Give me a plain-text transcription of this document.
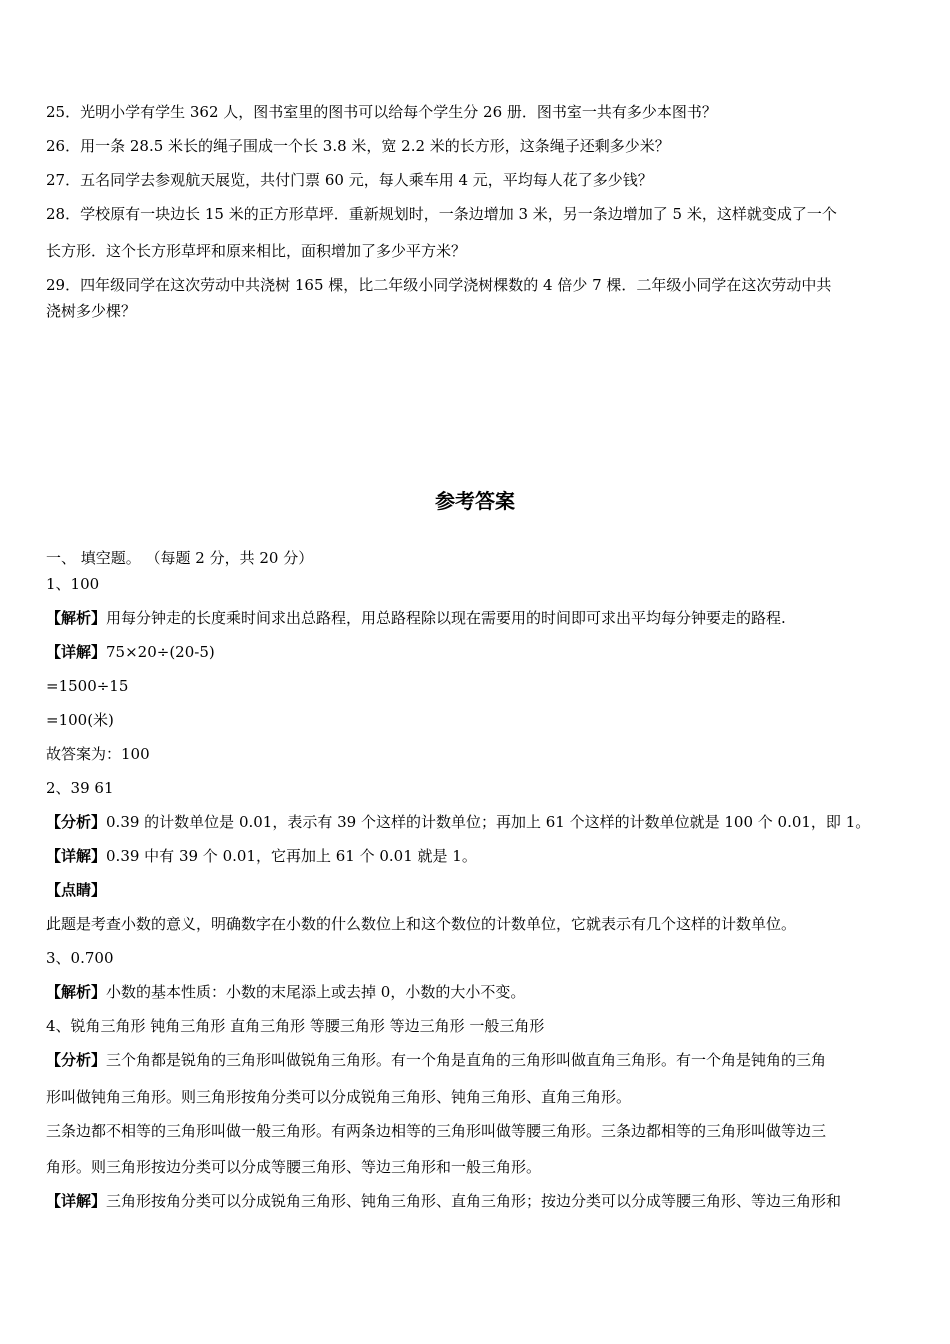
25．光明小学有学生 362 人，图书室里的图书可以给每个学生分 26 册．图书室一共有多少本图书？
26．用一条 28.5 米长的绳子围成一个长 3.8 米，宽 2.2 米的长方形，这条绳子还剩多少米？
27．五名同学去参观航天展览，共付门票 60 元，每人乘车用 4 元，平均每人花了多少钱？
28．学校原有一块边长 15 米的正方形草坪．重新规划时，一条边增加 3 米，另一条边增加了 5 米，这样就变成了一个
长方形．这个长方形草坪和原来相比，面积增加了多少平方米？
29．四年级同学在这次劳动中共浇树 165 棵，比二年级小同学浇树棵数的 4 倍少 7 棵．二年级小同学在这次劳动中共
浇树多少棵？
参考答案
一、 填空题。 （每题 2 分，共 20 分）
1、100
【解析】用每分钟走的长度乘时间求出总路程，用总路程除以现在需要用的时间即可求出平均每分钟要走的路程.
【详解】75×20÷(20-5)
=1500÷15
=100(米)
故答案为：100
2、39 61
【分析】0.39 的计数单位是 0.01，表示有 39 个这样的计数单位；再加上 61 个这样的计数单位就是 100 个 0.01，即 1。
【详解】0.39 中有 39 个 0.01，它再加上 61 个 0.01 就是 1。
【点睛】
此题是考查小数的意义，明确数字在小数的什么数位上和这个数位的计数单位，它就表示有几个这样的计数单位。
3、0.700
【解析】小数的基本性质：小数的末尾添上或去掉 0，小数的大小不变。
4、锐角三角形 钝角三角形 直角三角形 等腰三角形 等边三角形 一般三角形
【分析】三个角都是锐角的三角形叫做锐角三角形。有一个角是直角的三角形叫做直角三角形。有一个角是钝角的三角
形叫做钝角三角形。则三角形按角分类可以分成锐角三角形、钝角三角形、直角三角形。
三条边都不相等的三角形叫做一般三角形。有两条边相等的三角形叫做等腰三角形。三条边都相等的三角形叫做等边三
角形。则三角形按边分类可以分成等腰三角形、等边三角形和一般三角形。
【详解】三角形按角分类可以分成锐角三角形、钝角三角形、直角三角形；按边分类可以分成等腰三角形、等边三角形和
